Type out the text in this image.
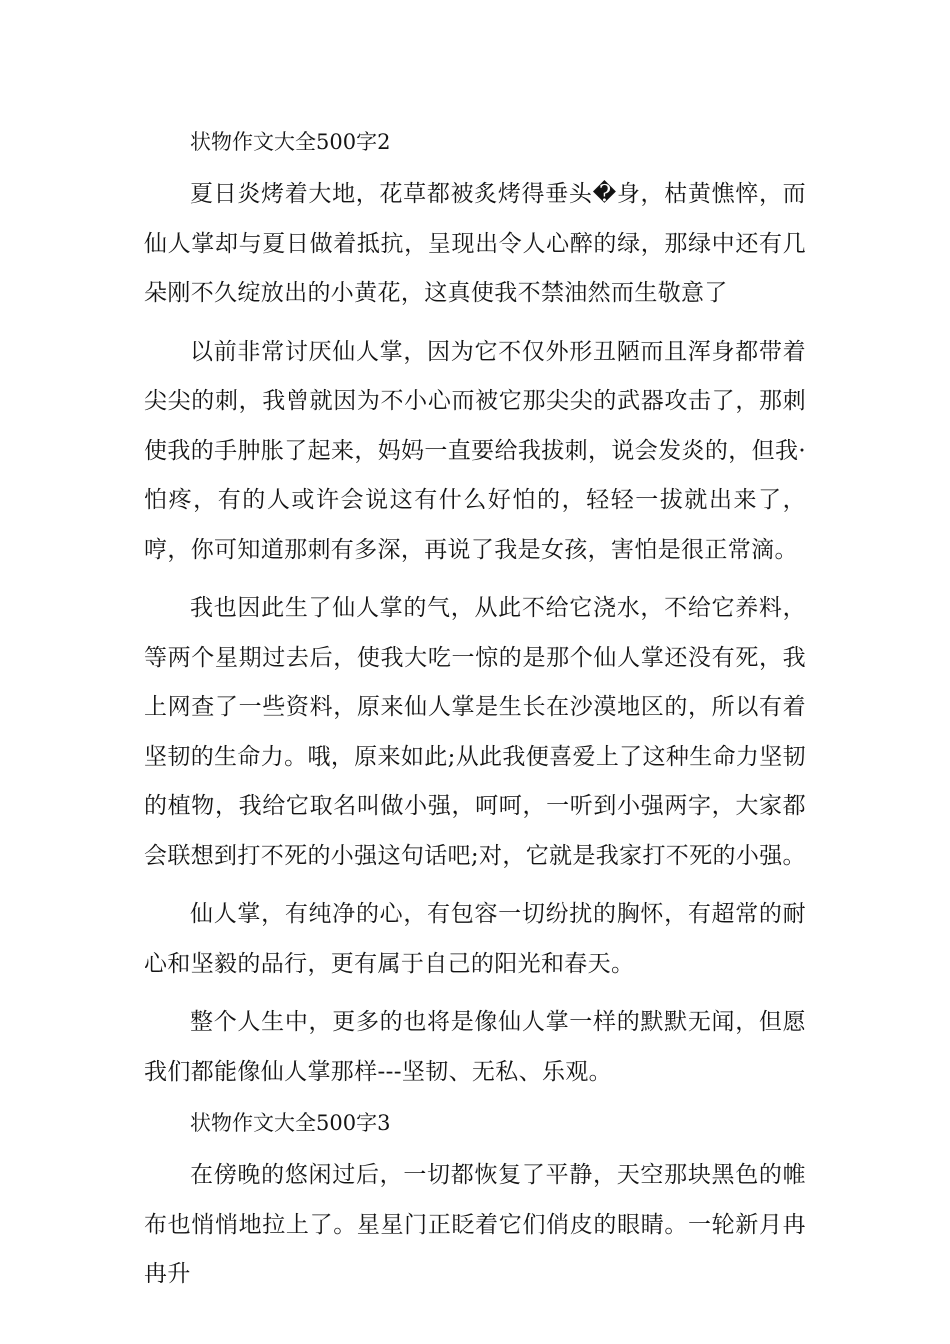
状物作文大全500字2

夏日炎烤着大地，花草都被炙烤得垂头�身，枯黄憔悴，而仙人掌却与夏日做着抵抗，呈现出令人心醉的绿，那绿中还有几朵刚不久绽放出的小黄花，这真使我不禁油然而生敬意了

以前非常讨厌仙人掌，因为它不仅外形丑陋而且浑身都带着尖尖的刺，我曾就因为不小心而被它那尖尖的武器攻击了，那刺使我的手肿胀了起来，妈妈一直要给我拔刺，说会发炎的，但我·怕疼，有的人或许会说这有什么好怕的，轻轻一拔就出来了，哼，你可知道那刺有多深，再说了我是女孩，害怕是很正常滴。

我也因此生了仙人掌的气，从此不给它浇水，不给它养料，等两个星期过去后，使我大吃一惊的是那个仙人掌还没有死，我上网查了一些资料，原来仙人掌是生长在沙漠地区的，所以有着坚韧的生命力。哦，原来如此;从此我便喜爱上了这种生命力坚韧的植物，我给它取名叫做小强，呵呵，一听到小强两字，大家都会联想到打不死的小强这句话吧;对，它就是我家打不死的小强。

仙人掌，有纯净的心，有包容一切纷扰的胸怀，有超常的耐心和坚毅的品行，更有属于自己的阳光和春天。

整个人生中，更多的也将是像仙人掌一样的默默无闻，但愿我们都能像仙人掌那样---坚韧、无私、乐观。

状物作文大全500字3

在傍晚的悠闲过后，一切都恢复了平静，天空那块黑色的帷布也悄悄地拉上了。星星门正眨着它们俏皮的眼睛。一轮新月冉冉升
